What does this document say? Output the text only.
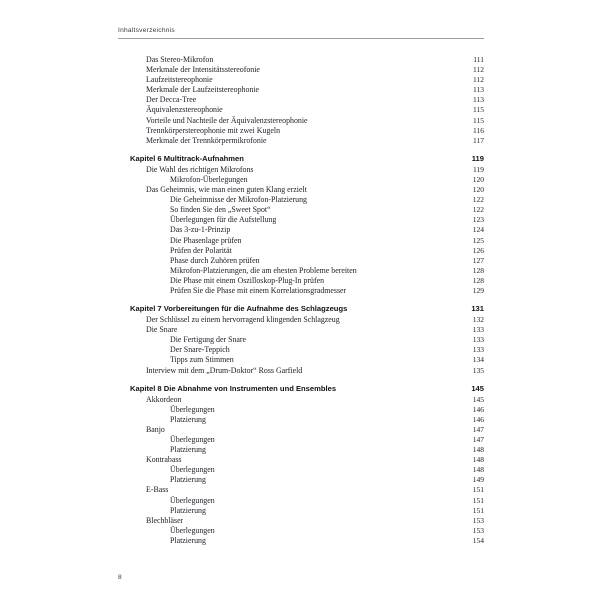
Inhaltsverzeichnis
Das Stereo-Mikrofon	111
Merkmale der Intensitätsstereofonie	112
Laufzeitstereophonie	112
Merkmale der Laufzeitstereophonie	113
Der Decca-Tree	113
Äquivalenzstereophonie	115
Vorteile und Nachteile der Äquivalenzstereophonie	115
Trennkörperstereophonie mit zwei Kugeln	116
Merkmale der Trennkörpermikrofonie	117
Kapitel 6 Multitrack-Aufnahmen	119
Die Wahl des richtigen Mikrofons	119
Mikrofon-Überlegungen	120
Das Geheimnis, wie man einen guten Klang erzielt	120
Die Geheimnisse der Mikrofon-Platzierung	122
So finden Sie den „Sweet Spot“	122
Überlegungen für die Aufstellung	123
Das 3-zu-1-Prinzip	124
Die Phasenlage prüfen	125
Prüfen der Polarität	126
Phase durch Zuhören prüfen	127
Mikrofon-Platzierungen, die am ehesten Probleme bereiten	128
Die Phase mit einem Oszilloskop-Plug-In prüfen	128
Prüfen Sie die Phase mit einem Korrelationsgradmesser	129
Kapitel 7 Vorbereitungen für die Aufnahme des Schlagzeugs	131
Der Schlüssel zu einem hervorragend klingenden Schlagzeug	132
Die Snare	133
Die Fertigung der Snare	133
Der Snare-Teppich	133
Tipps zum Stimmen	134
Interview mit dem „Drum-Doktor“ Ross Garfield	135
Kapitel 8 Die Abnahme von Instrumenten und Ensembles	145
Akkordeon	145
Überlegungen	146
Platzierung	146
Banjo	147
Überlegungen	147
Platzierung	148
Kontrabass	148
Überlegungen	148
Platzierung	149
E-Bass	151
Überlegungen	151
Platzierung	151
Blechbläser	153
Überlegungen	153
Platzierung	154
8
